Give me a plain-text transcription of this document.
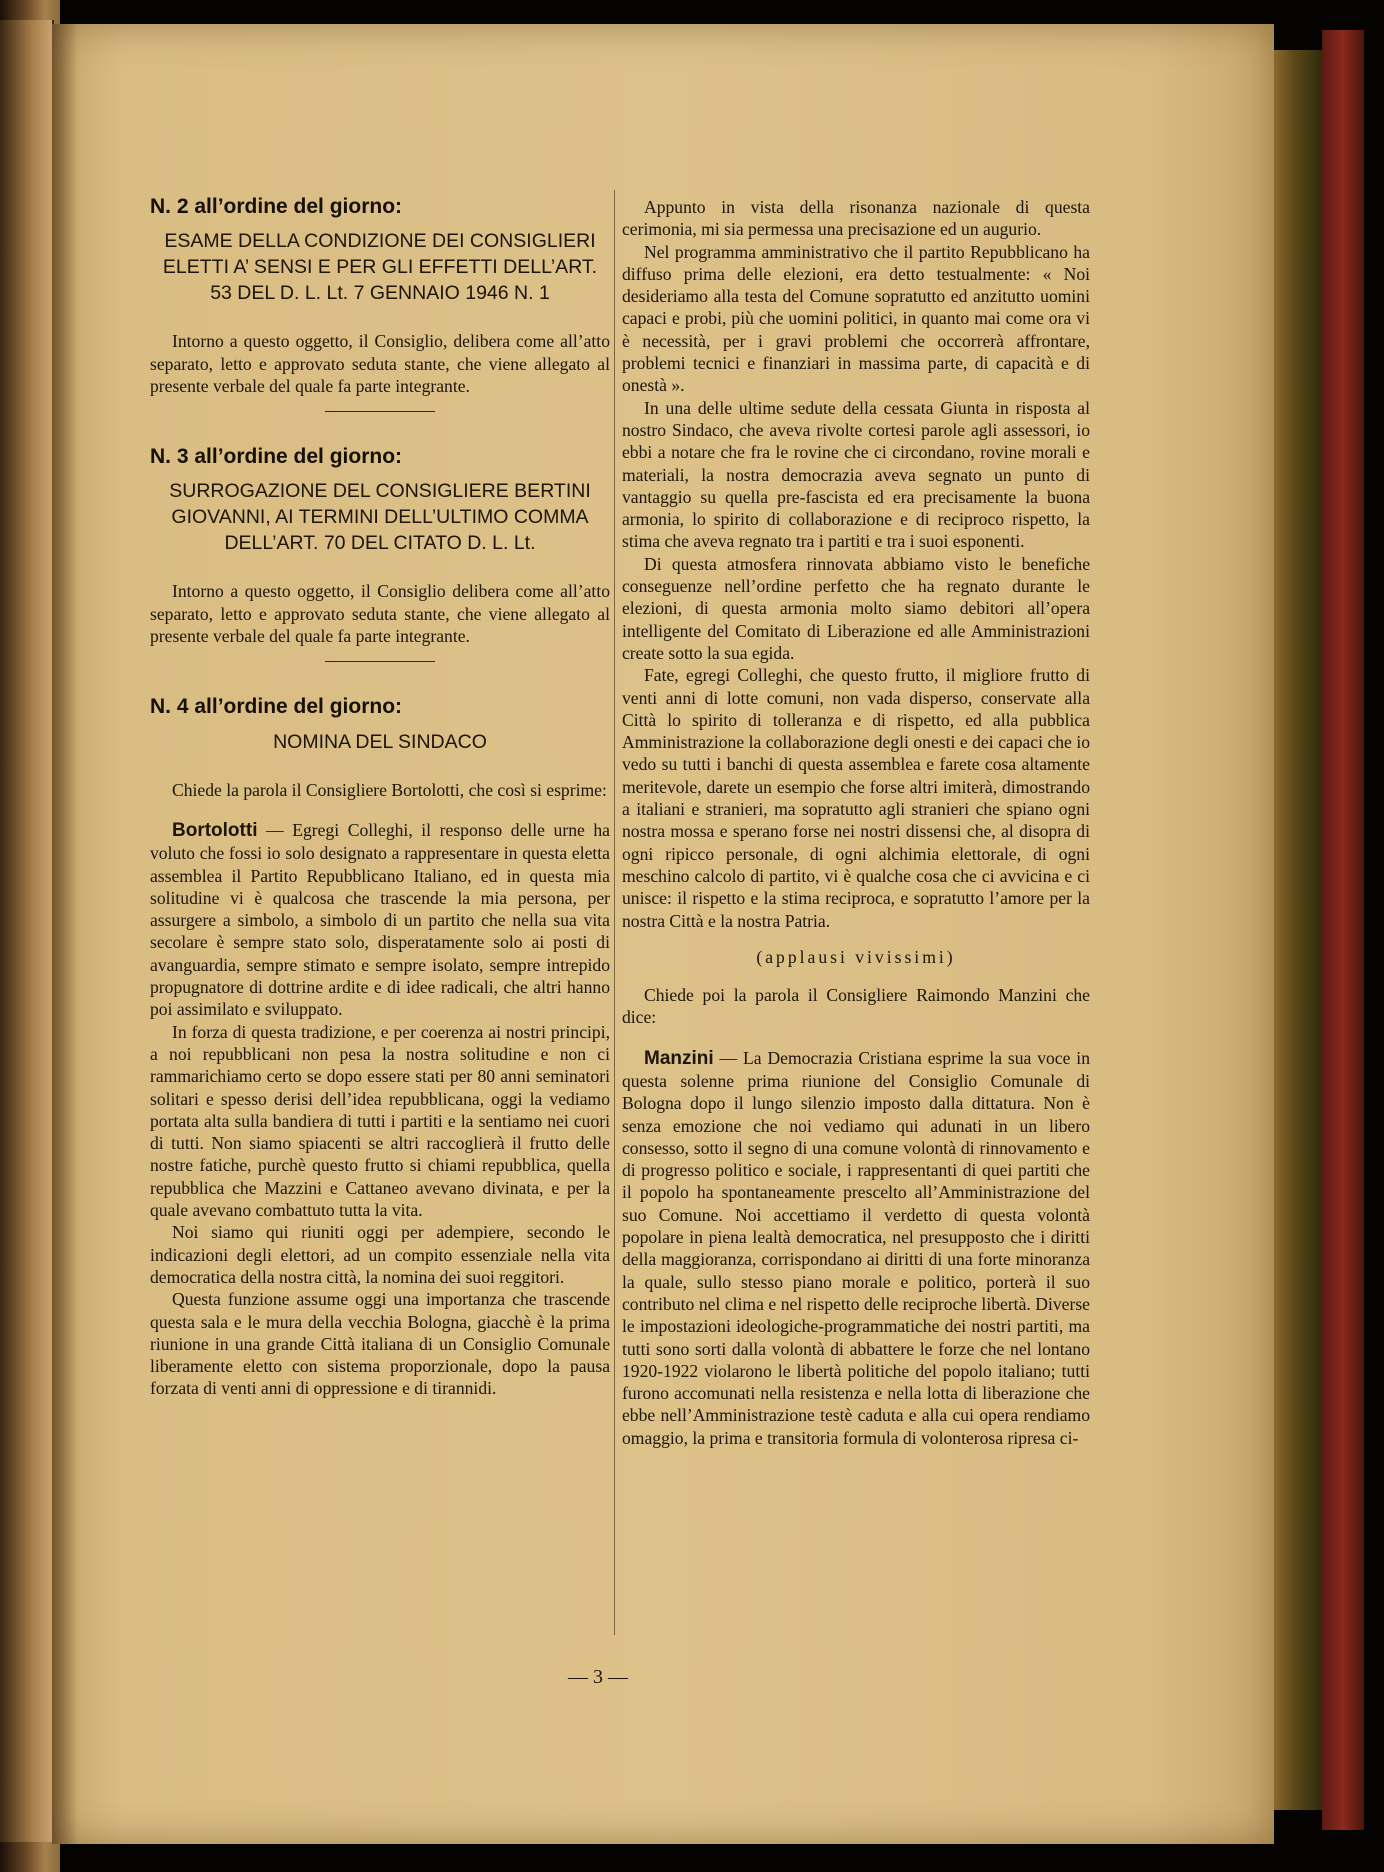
N. 2 all’ordine del giorno:
ESAME DELLA CONDIZIONE DEI CONSIGLIERI ELETTI A’ SENSI E PER GLI EFFETTI DELL’ART. 53 DEL D. L. Lt. 7 GENNAIO 1946 N. 1

Intorno a questo oggetto, il Consiglio, delibera come all’atto separato, letto e approvato seduta stante, che viene allegato al presente verbale del quale fa parte integrante.

N. 3 all’ordine del giorno:
SURROGAZIONE DEL CONSIGLIERE BERTINI GIOVANNI, AI TERMINI DELL’ULTIMO COMMA DELL’ART. 70 DEL CITATO D. L. Lt.

Intorno a questo oggetto, il Consiglio delibera come all’atto separato, letto e approvato seduta stante, che viene allegato al presente verbale del quale fa parte integrante.

N. 4 all’ordine del giorno:
NOMINA DEL SINDACO

Chiede la parola il Consigliere Bortolotti, che così si esprime:

Bortolotti — Egregi Colleghi, il responso delle urne ha voluto che fossi io solo designato a rappresentare in questa eletta assemblea il Partito Repubblicano Italiano, ed in questa mia solitudine vi è qualcosa che trascende la mia persona, per assurgere a simbolo, a simbolo di un partito che nella sua vita secolare è sempre stato solo, disperatamente solo ai posti di avanguardia, sempre stimato e sempre isolato, sempre intrepido propugnatore di dottrine ardite e di idee radicali, che altri hanno poi assimilato e sviluppato.

In forza di questa tradizione, e per coerenza ai nostri principi, a noi repubblicani non pesa la nostra solitudine e non ci rammarichiamo certo se dopo essere stati per 80 anni seminatori solitari e spesso derisi dell’idea repubblicana, oggi la vediamo portata alta sulla bandiera di tutti i partiti e la sentiamo nei cuori di tutti. Non siamo spiacenti se altri raccoglierà il frutto delle nostre fatiche, purchè questo frutto si chiami repubblica, quella repubblica che Mazzini e Cattaneo avevano divinata, e per la quale avevano combattuto tutta la vita.

Noi siamo qui riuniti oggi per adempiere, secondo le indicazioni degli elettori, ad un compito essenziale nella vita democratica della nostra città, la nomina dei suoi reggitori.

Questa funzione assume oggi una importanza che trascende questa sala e le mura della vecchia Bologna, giacchè è la prima riunione in una grande Città italiana di un Consiglio Comunale liberamente eletto con sistema proporzionale, dopo la pausa forzata di venti anni di oppressione e di tirannidi.

Appunto in vista della risonanza nazionale di questa cerimonia, mi sia permessa una precisazione ed un augurio.

Nel programma amministrativo che il partito Repubblicano ha diffuso prima delle elezioni, era detto testualmente: « Noi desideriamo alla testa del Comune sopratutto ed anzitutto uomini capaci e probi, più che uomini politici, in quanto mai come ora vi è necessità, per i gravi problemi che occorrerà affrontare, problemi tecnici e finanziari in massima parte, di capacità e di onestà ».

In una delle ultime sedute della cessata Giunta in risposta al nostro Sindaco, che aveva rivolte cortesi parole agli assessori, io ebbi a notare che fra le rovine che ci circondano, rovine morali e materiali, la nostra democrazia aveva segnato un punto di vantaggio su quella pre-fascista ed era precisamente la buona armonia, lo spirito di collaborazione e di reciproco rispetto, la stima che aveva regnato tra i partiti e tra i suoi esponenti.

Di questa atmosfera rinnovata abbiamo visto le benefiche conseguenze nell’ordine perfetto che ha regnato durante le elezioni, di questa armonia molto siamo debitori all’opera intelligente del Comitato di Liberazione ed alle Amministrazioni create sotto la sua egida.

Fate, egregi Colleghi, che questo frutto, il migliore frutto di venti anni di lotte comuni, non vada disperso, conservate alla Città lo spirito di tolleranza e di rispetto, ed alla pubblica Amministrazione la collaborazione degli onesti e dei capaci che io vedo su tutti i banchi di questa assemblea e farete cosa altamente meritevole, darete un esempio che forse altri imiterà, dimostrando a italiani e stranieri, ma sopratutto agli stranieri che spiano ogni nostra mossa e sperano forse nei nostri dissensi che, al disopra di ogni ripicco personale, di ogni alchimia elettorale, di ogni meschino calcolo di partito, vi è qualche cosa che ci avvicina e ci unisce: il rispetto e la stima reciproca, e sopratutto l’amore per la nostra Città e la nostra Patria.

(applausi vivissimi)

Chiede poi la parola il Consigliere Raimondo Manzini che dice:

Manzini — La Democrazia Cristiana esprime la sua voce in questa solenne prima riunione del Consiglio Comunale di Bologna dopo il lungo silenzio imposto dalla dittatura. Non è senza emozione che noi vediamo qui adunati in un libero consesso, sotto il segno di una comune volontà di rinnovamento e di progresso politico e sociale, i rappresentanti di quei partiti che il popolo ha spontaneamente prescelto all’Amministrazione del suo Comune. Noi accettiamo il verdetto di questa volontà popolare in piena lealtà democratica, nel presupposto che i diritti della maggioranza, corrispondano ai diritti di una forte minoranza la quale, sullo stesso piano morale e politico, porterà il suo contributo nel clima e nel rispetto delle reciproche libertà. Diverse le impostazioni ideologiche-programmatiche dei nostri partiti, ma tutti sono sorti dalla volontà di abbattere le forze che nel lontano 1920-1922 violarono le libertà politiche del popolo italiano; tutti furono accomunati nella resistenza e nella lotta di liberazione che ebbe nell’Amministrazione testè caduta e alla cui opera rendiamo omaggio, la prima e transitoria formula di volonterosa ripresa ci-

— 3 —
